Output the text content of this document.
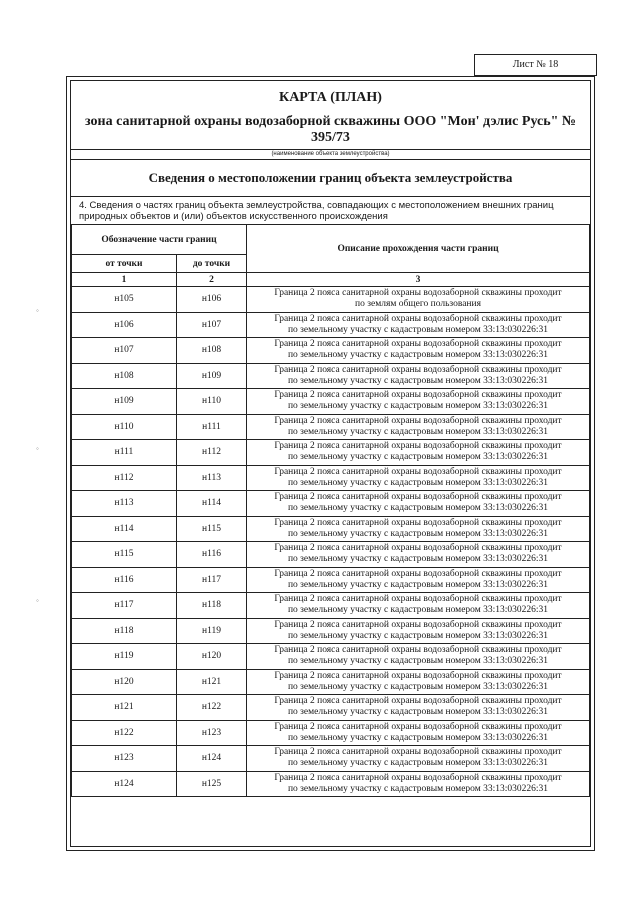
Лист № 18
КАРТА (ПЛАН)
зона санитарной охраны водозаборной скважины ООО "Мон' дэлис Русь" № 395/73
(наименование объекта землеустройства)
Сведения о местоположении границ объекта землеустройства
4. Сведения о частях границ объекта землеустройства, совпадающих с местоположением внешних границ природных объектов и (или) объектов искусственного происхождения
Обозначение части границ		Описание прохождения части границ
от точки	до точки	
1	2	3
н105	н106	Граница 2 пояса санитарной охраны водозаборной скважины проходит
по землям общего пользования

н106	н107	Граница 2 пояса санитарной охраны водозаборной скважины проходит
по земельному участку с кадастровым номером 33:13:030226:31

н107	н108	Граница 2 пояса санитарной охраны водозаборной скважины проходит
по земельному участку с кадастровым номером 33:13:030226:31

н108	н109	Граница 2 пояса санитарной охраны водозаборной скважины проходит
по земельному участку с кадастровым номером 33:13:030226:31

н109	н110	Граница 2 пояса санитарной охраны водозаборной скважины проходит
по земельному участку с кадастровым номером 33:13:030226:31

н110	н111	Граница 2 пояса санитарной охраны водозаборной скважины проходит
по земельному участку с кадастровым номером 33:13:030226:31

н111	н112	Граница 2 пояса санитарной охраны водозаборной скважины проходит
по земельному участку с кадастровым номером 33:13:030226:31

н112	н113	Граница 2 пояса санитарной охраны водозаборной скважины проходит
по земельному участку с кадастровым номером 33:13:030226:31

н113	н114	Граница 2 пояса санитарной охраны водозаборной скважины проходит
по земельному участку с кадастровым номером 33:13:030226:31

н114	н115	Граница 2 пояса санитарной охраны водозаборной скважины проходит
по земельному участку с кадастровым номером 33:13:030226:31

н115	н116	Граница 2 пояса санитарной охраны водозаборной скважины проходит
по земельному участку с кадастровым номером 33:13:030226:31

н116	н117	Граница 2 пояса санитарной охраны водозаборной скважины проходит
по земельному участку с кадастровым номером 33:13:030226:31

н117	н118	Граница 2 пояса санитарной охраны водозаборной скважины проходит
по земельному участку с кадастровым номером 33:13:030226:31

н118	н119	Граница 2 пояса санитарной охраны водозаборной скважины проходит
по земельному участку с кадастровым номером 33:13:030226:31

н119	н120	Граница 2 пояса санитарной охраны водозаборной скважины проходит
по земельному участку с кадастровым номером 33:13:030226:31

н120	н121	Граница 2 пояса санитарной охраны водозаборной скважины проходит
по земельному участку с кадастровым номером 33:13:030226:31

н121	н122	Граница 2 пояса санитарной охраны водозаборной скважины проходит
по земельному участку с кадастровым номером 33:13:030226:31

н122	н123	Граница 2 пояса санитарной охраны водозаборной скважины проходит
по земельному участку с кадастровым номером 33:13:030226:31

н123	н124	Граница 2 пояса санитарной охраны водозаборной скважины проходит
по земельному участку с кадастровым номером 33:13:030226:31

н124	н125	Граница 2 пояса санитарной охраны водозаборной скважины проходит
по земельному участку с кадастровым номером 33:13:030226:31
◦
◦
◦
